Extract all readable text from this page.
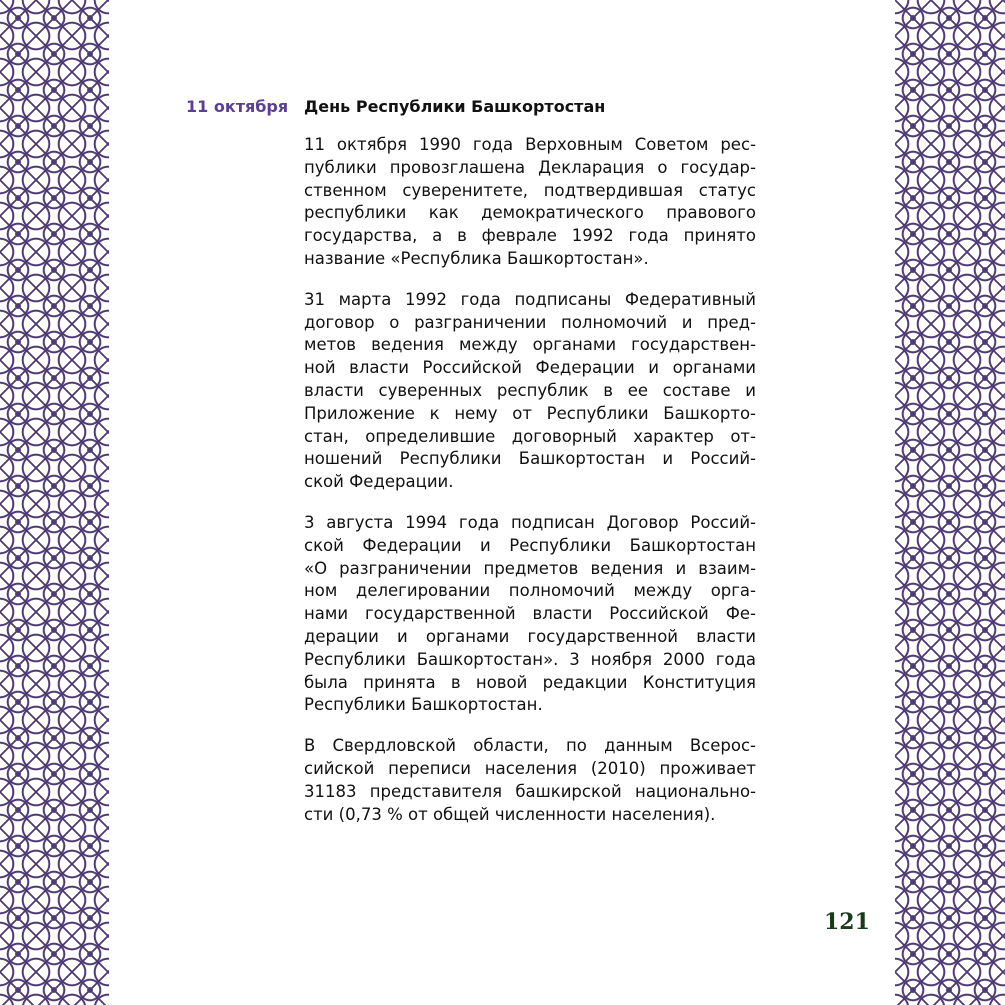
11 октября День Республики Башкортостан

11 октября 1990 года Верховным Советом рес-
публики провозглашена Декларация о государ-
ственном суверенитете, подтвердившая статус
республики как демократического правового
государства, а в феврале 1992 года принято
название «Республика Башкортостан».

31 марта 1992 года подписаны Федеративный
договор о разграничении полномочий и пред-
метов ведения между органами государствен-
ной власти Российской Федерации и органами
власти суверенных республик в ее составе и
Приложение к нему от Республики Башкорто-
стан, определившие договорный характер от-
ношений Республики Башкортостан и Россий-
ской Федерации.

3 августа 1994 года подписан Договор Россий-
ской Федерации и Республики Башкортостан
«О разграничении предметов ведения и взаим-
ном делегировании полномочий между орга-
нами государственной власти Российской Фе-
дерации и органами государственной власти
Республики Башкортостан». 3 ноября 2000 года
была принята в новой редакции Конституция
Республики Башкортостан.

В Свердловской области, по данным Всерос-
сийской переписи населения (2010) проживает
31183 представителя башкирской национально-
сти (0,73 % от общей численности населения).

121
